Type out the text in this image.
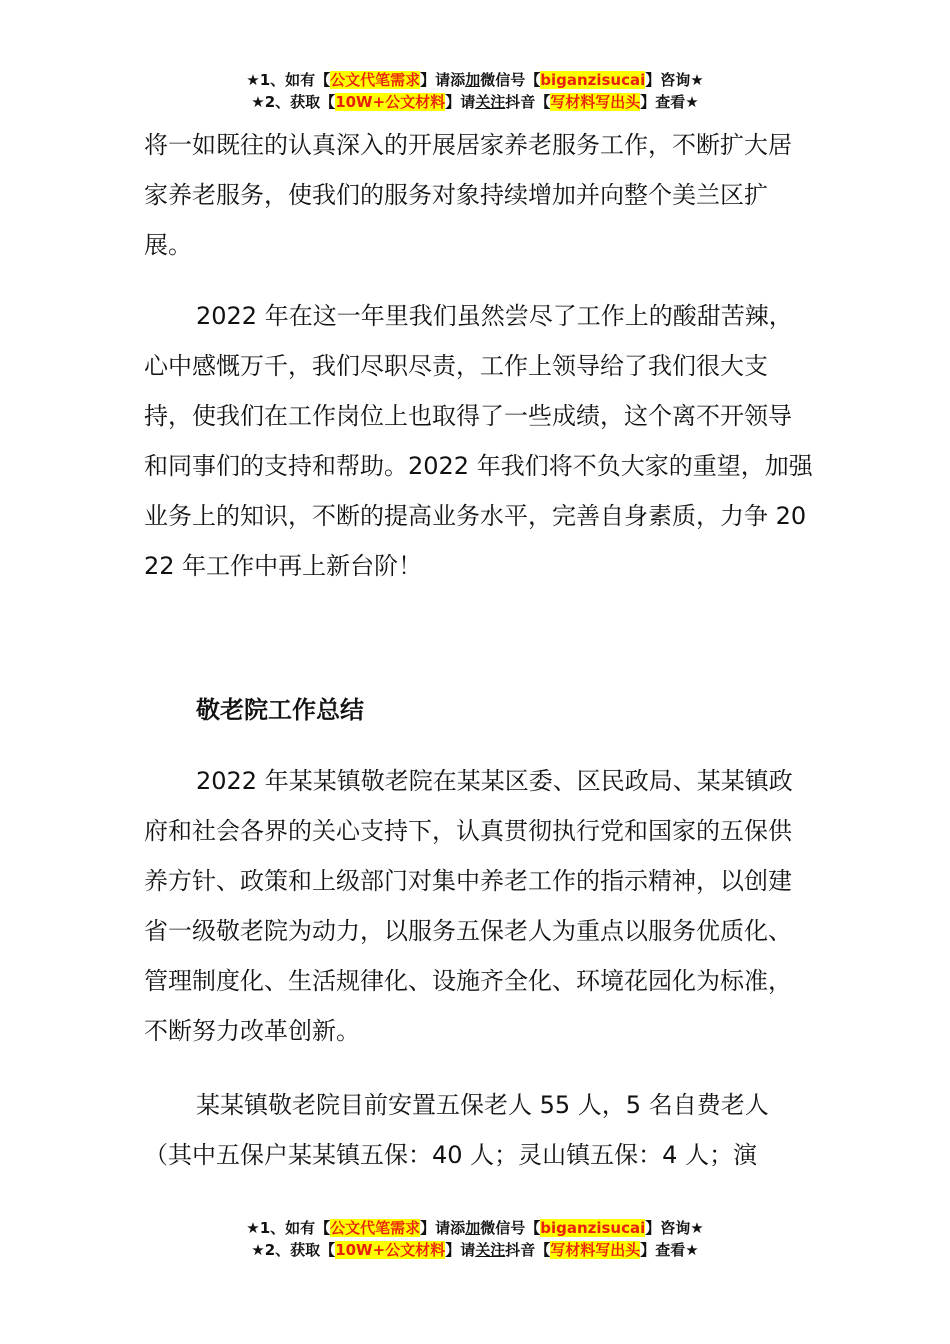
★1、如有【公文代笔需求】请添加微信号【biganzisucai】咨询★
★2、获取【10W+公文材料】请关注抖音【写材料写出头】查看★

将一如既往的认真深入的开展居家养老服务工作，不断扩大居家养老服务，使我们的服务对象持续增加并向整个美兰区扩展。

2022 年在这一年里我们虽然尝尽了工作上的酸甜苦辣，心中感慨万千，我们尽职尽责，工作上领导给了我们很大支持，使我们在工作岗位上也取得了一些成绩，这个离不开领导和同事们的支持和帮助。2022 年我们将不负大家的重望，加强业务上的知识，不断的提高业务水平，完善自身素质，力争 2022 年工作中再上新台阶！

敬老院工作总结

2022 年某某镇敬老院在某某区委、区民政局、某某镇政府和社会各界的关心支持下，认真贯彻执行党和国家的五保供养方针、政策和上级部门对集中养老工作的指示精神，以创建省一级敬老院为动力，以服务五保老人为重点以服务优质化、管理制度化、生活规律化、设施齐全化、环境花园化为标准，不断努力改革创新。

某某镇敬老院目前安置五保老人 55 人，5 名自费老人（其中五保户某某镇五保：40 人；灵山镇五保：4 人；演

★1、如有【公文代笔需求】请添加微信号【biganzisucai】咨询★
★2、获取【10W+公文材料】请关注抖音【写材料写出头】查看★
